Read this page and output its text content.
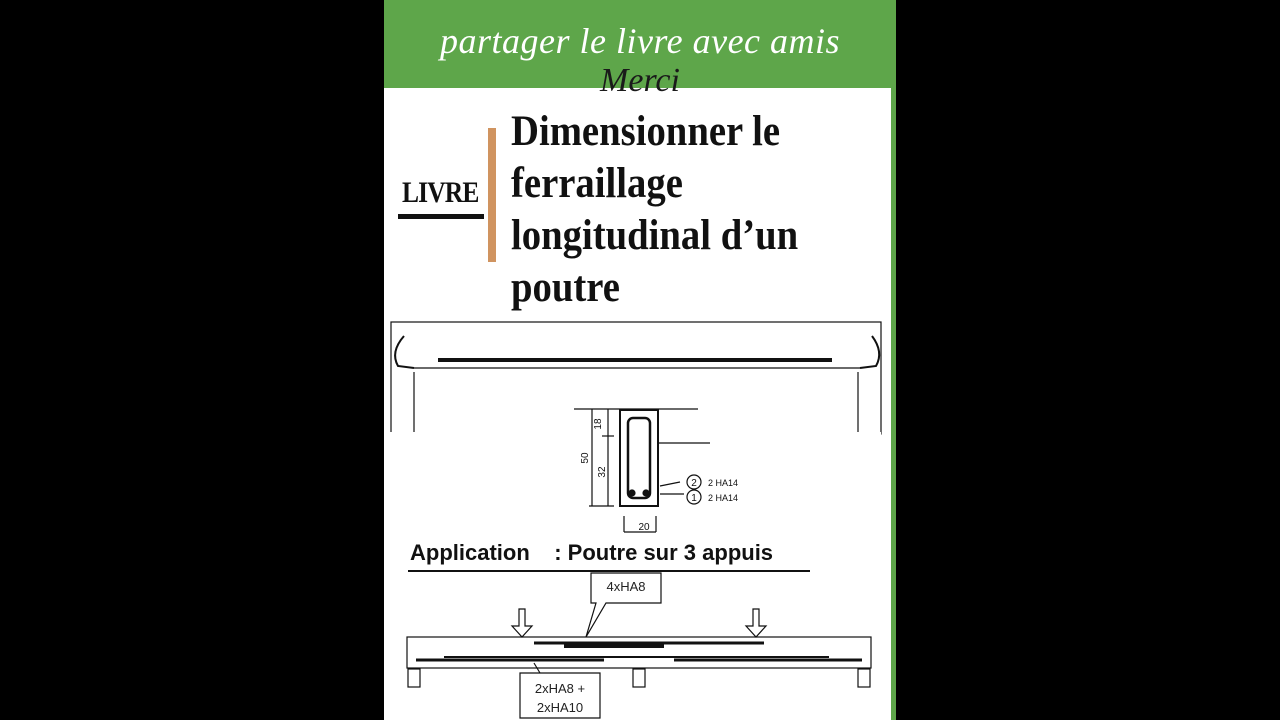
partager le livre avec amis
Merci
LIVRE
Dimensionner le
ferraillage
longitudinal d’un
poutre
18
50
32
20
2
1
2 HA14
2 HA14
4xHA8
2xHA8 +
2xHA10
Application    : Poutre sur 3 appuis
